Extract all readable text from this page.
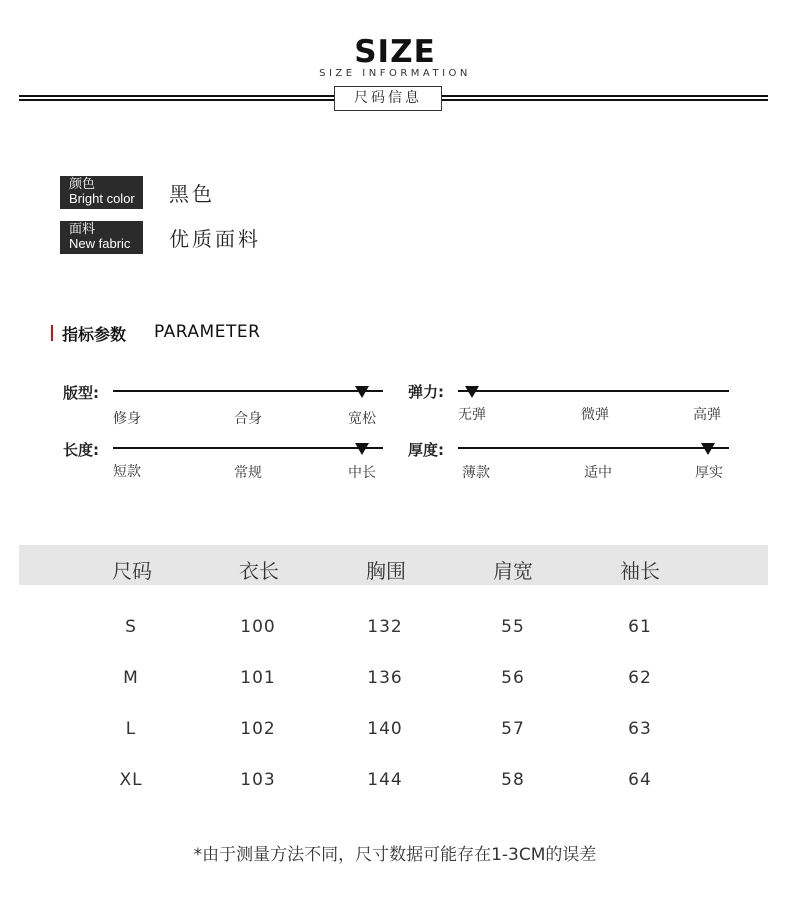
SIZE
SIZE INFORMATION
尺码信息
颜色
Bright color	黑色
面料
New fabric	优质面料
指标参数 PARAMETER
版型:
修身	合身	宽松
弹力:
无弹	微弹	高弹
长度:
短款	常规	中长
厚度:
薄款	适中	厚实
尺码	衣长	胸围	肩宽	袖长
S	100	132	55	61
M	101	136	56	62
L	102	140	57	63
XL	103	144	58	64
*由于测量方法不同，尺寸数据可能存在1-3CM的误差
